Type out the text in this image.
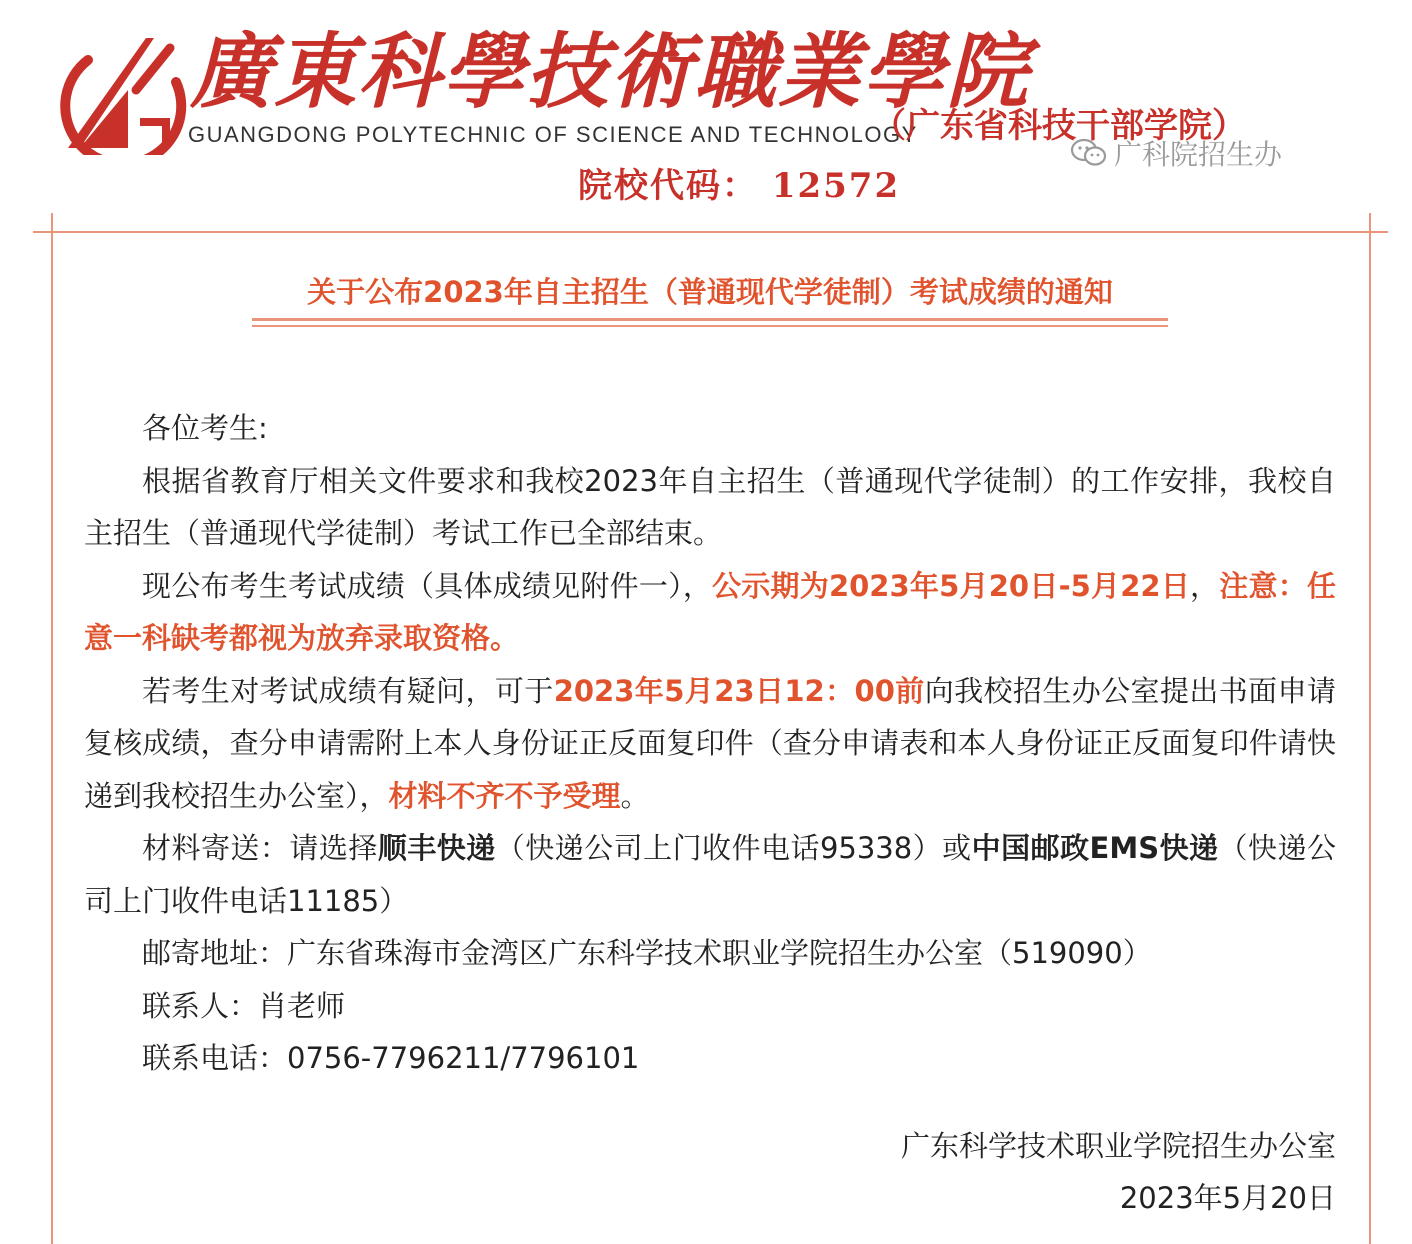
廣東科學技術職業學院
GUANGDONG POLYTECHNIC OF SCIENCE AND TECHNOLOGY
（广东省科技干部学院）
广科院招生办
院校代码： 12572
关于公布2023年自主招生（普通现代学徒制）考试成绩的通知

各位考生:

根据省教育厅相关文件要求和我校2023年自主招生（普通现代学徒制）的工作安排，我校自主招生（普通现代学徒制）考试工作已全部结束。

现公布考生考试成绩（具体成绩见附件一），公示期为2023年5月20日-5月22日，注意：任意一科缺考都视为放弃录取资格。

若考生对考试成绩有疑问，可于2023年5月23日12：00前向我校招生办公室提出书面申请复核成绩，查分申请需附上本人身份证正反面复印件（查分申请表和本人身份证正反面复印件请快递到我校招生办公室），材料不齐不予受理。

材料寄送：请选择顺丰快递（快递公司上门收件电话95338）或中国邮政EMS快递（快递公司上门收件电话11185）

邮寄地址：广东省珠海市金湾区广东科学技术职业学院招生办公室（519090）

联系人：肖老师

联系电话：0756-7796211/7796101

广东科学技术职业学院招生办公室
2023年5月20日
